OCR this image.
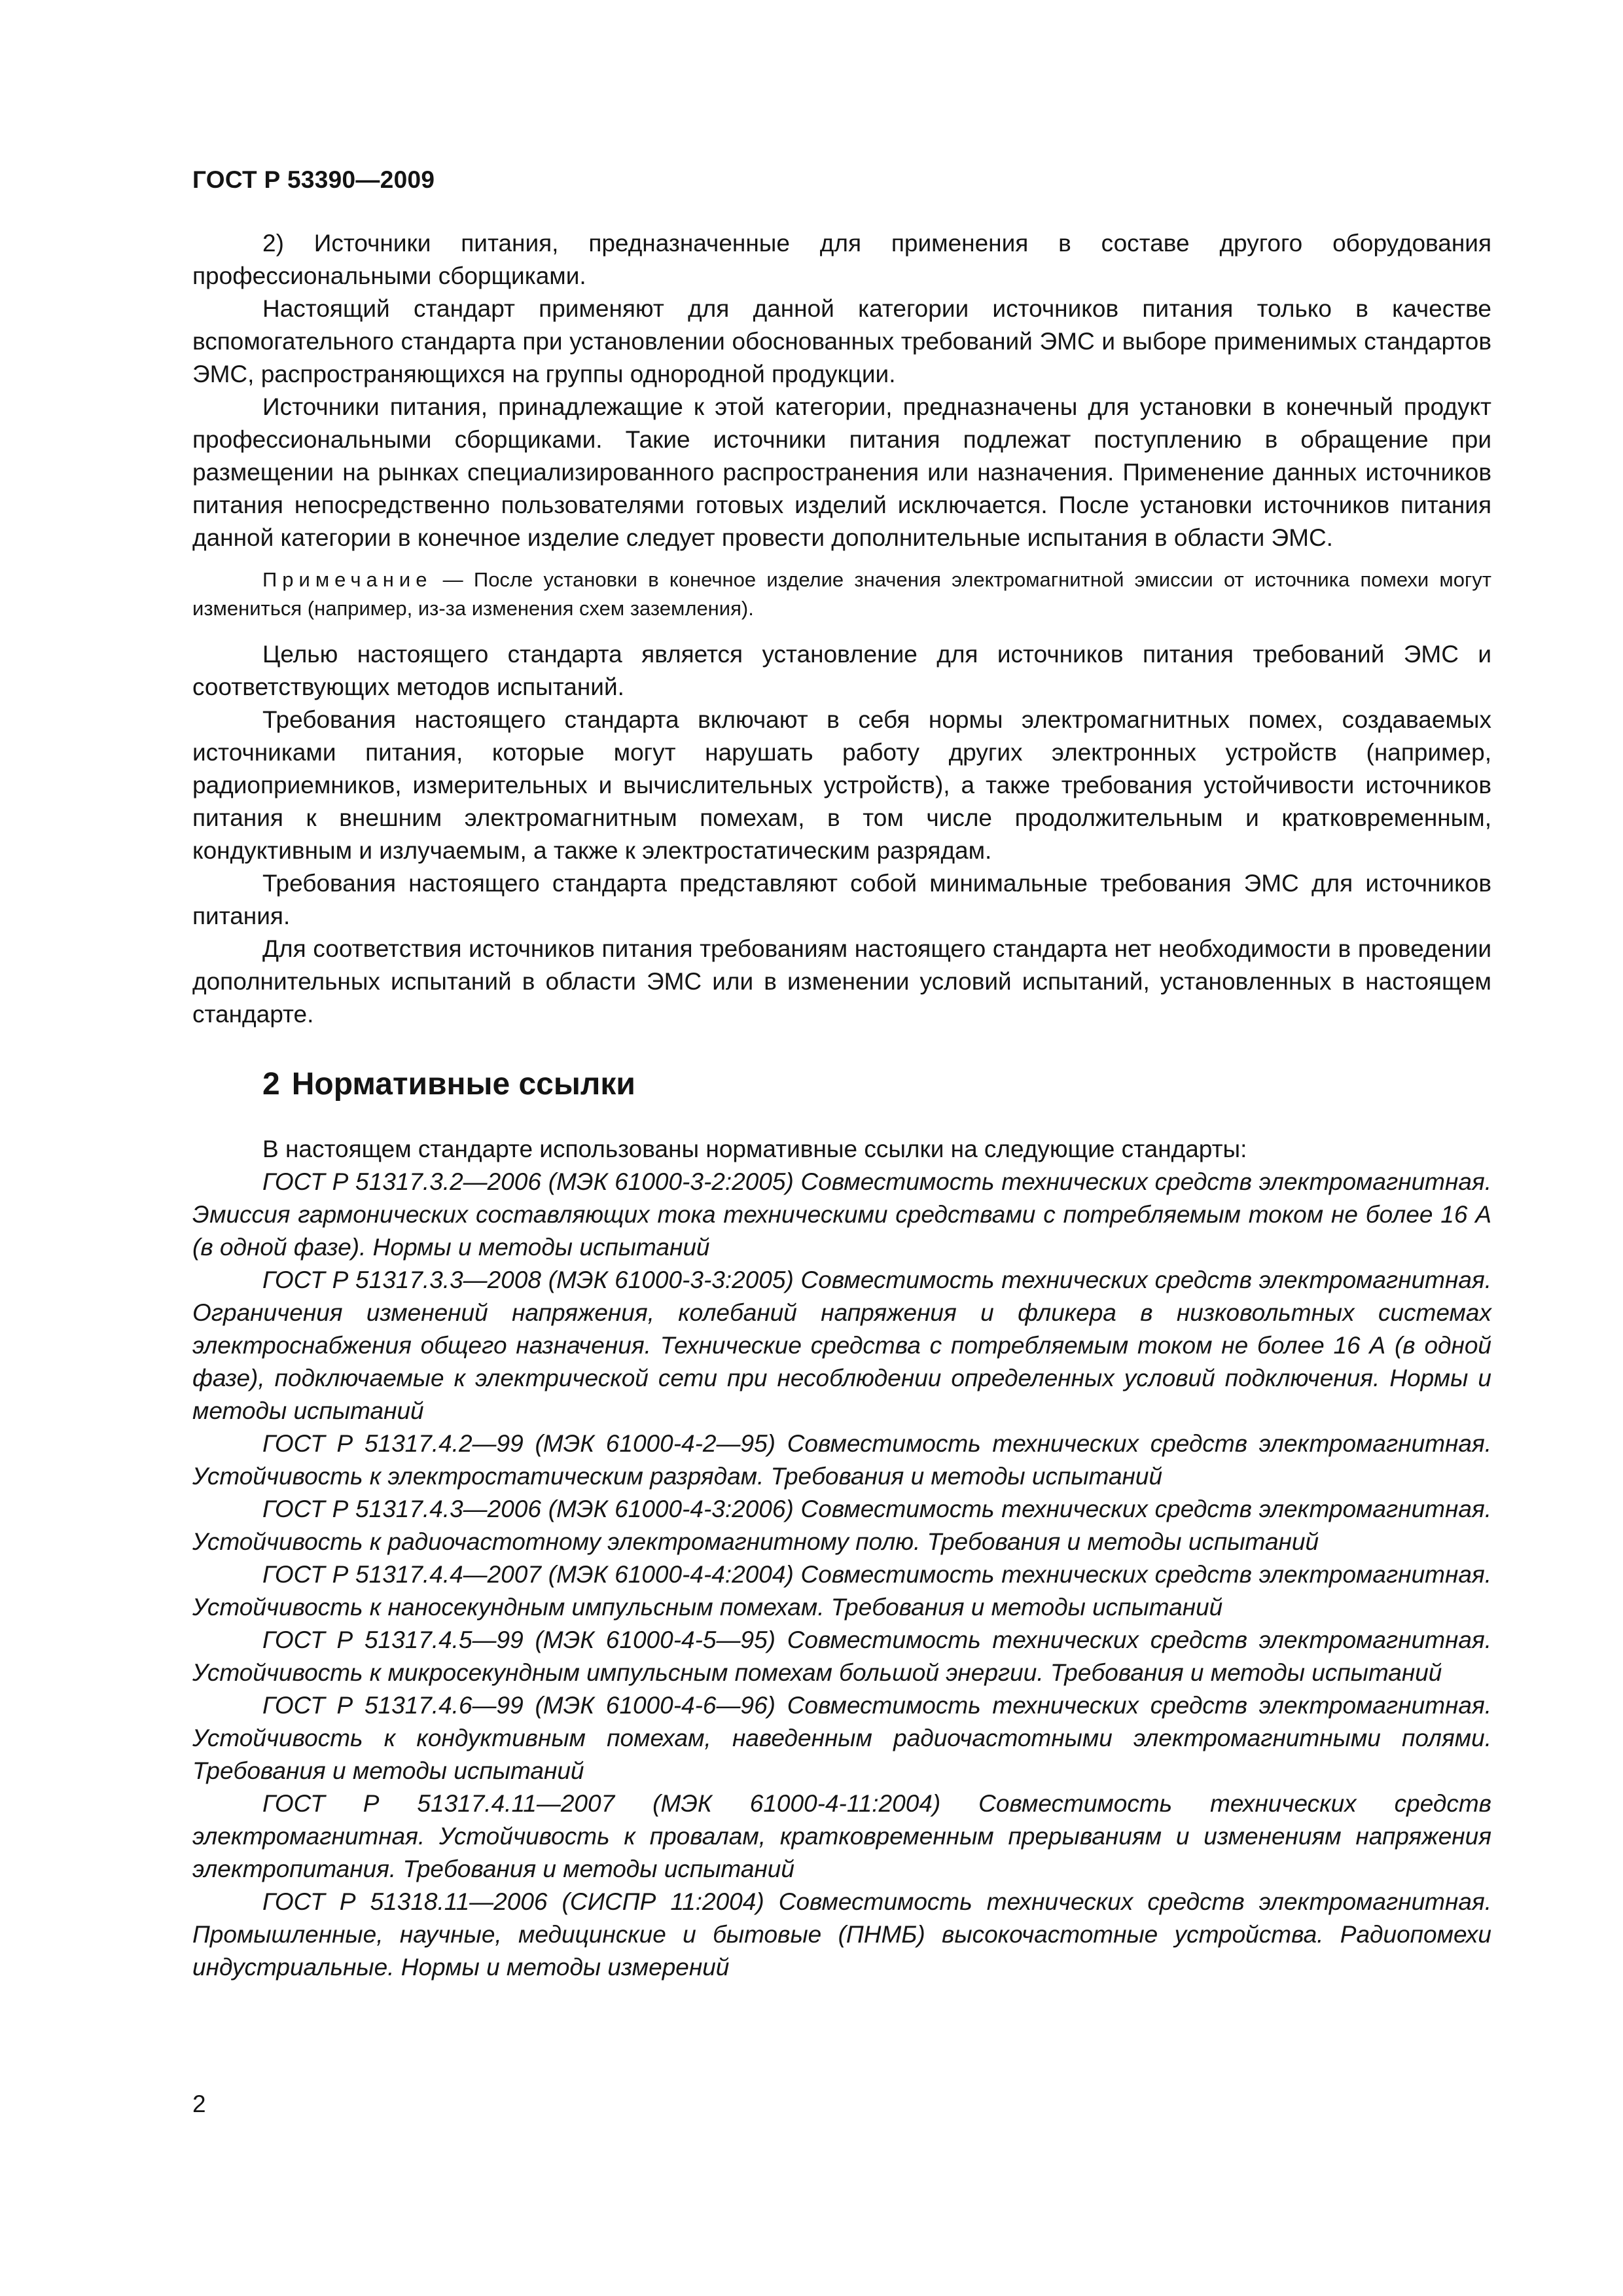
ГОСТ Р 53390—2009

2) Источники питания, предназначенные для применения в составе другого оборудования профессиональными сборщиками.

Настоящий стандарт применяют для данной категории источников питания только в качестве вспомогательного стандарта при установлении обоснованных требований ЭМС и выборе применимых стандартов ЭМС, распространяющихся на группы однородной продукции.

Источники питания, принадлежащие к этой категории, предназначены для установки в конечный продукт профессиональными сборщиками. Такие источники питания подлежат поступлению в обращение при размещении на рынках специализированного распространения или назначения. Применение данных источников питания непосредственно пользователями готовых изделий исключается. После установки источников питания данной категории в конечное изделие следует провести дополнительные испытания в области ЭМС.

Примечание — После установки в конечное изделие значения электромагнитной эмиссии от источника помехи могут измениться (например, из-за изменения схем заземления).

Целью настоящего стандарта является установление для источников питания требований ЭМС и соответствующих методов испытаний.

Требования настоящего стандарта включают в себя нормы электромагнитных помех, создаваемых источниками питания, которые могут нарушать работу других электронных устройств (например, радиоприемников, измерительных и вычислительных устройств), а также требования устойчивости источников питания к внешним электромагнитным помехам, в том числе продолжительным и кратковременным, кондуктивным и излучаемым, а также к электростатическим разрядам.

Требования настоящего стандарта представляют собой минимальные требования ЭМС для источников питания.

Для соответствия источников питания требованиям настоящего стандарта нет необходимости в проведении дополнительных испытаний в области ЭМС или в изменении условий испытаний, установленных в настоящем стандарте.

2 Нормативные ссылки

В настоящем стандарте использованы нормативные ссылки на следующие стандарты:

ГОСТ Р 51317.3.2—2006 (МЭК 61000-3-2:2005) Совместимость технических средств электромагнитная. Эмиссия гармонических составляющих тока техническими средствами с потребляемым током не более 16 А (в одной фазе). Нормы и методы испытаний

ГОСТ Р 51317.3.3—2008 (МЭК 61000-3-3:2005) Совместимость технических средств электромагнитная. Ограничения изменений напряжения, колебаний напряжения и фликера в низковольтных системах электроснабжения общего назначения. Технические средства с потребляемым током не более 16 А (в одной фазе), подключаемые к электрической сети при несоблюдении определенных условий подключения. Нормы и методы испытаний

ГОСТ Р 51317.4.2—99 (МЭК 61000-4-2—95) Совместимость технических средств электромагнитная. Устойчивость к электростатическим разрядам. Требования и методы испытаний

ГОСТ Р 51317.4.3—2006 (МЭК 61000-4-3:2006) Совместимость технических средств электромагнитная. Устойчивость к радиочастотному электромагнитному полю. Требования и методы испытаний

ГОСТ Р 51317.4.4—2007 (МЭК 61000-4-4:2004) Совместимость технических средств электромагнитная. Устойчивость к наносекундным импульсным помехам. Требования и методы испытаний

ГОСТ Р 51317.4.5—99 (МЭК 61000-4-5—95) Совместимость технических средств электромагнитная. Устойчивость к микросекундным импульсным помехам большой энергии. Требования и методы испытаний

ГОСТ Р 51317.4.6—99 (МЭК 61000-4-6—96) Совместимость технических средств электромагнитная. Устойчивость к кондуктивным помехам, наведенным радиочастотными электромагнитными полями. Требования и методы испытаний

ГОСТ Р 51317.4.11—2007 (МЭК 61000-4-11:2004) Совместимость технических средств электромагнитная. Устойчивость к провалам, кратковременным прерываниям и изменениям напряжения электропитания. Требования и методы испытаний

ГОСТ Р 51318.11—2006 (СИСПР 11:2004) Совместимость технических средств электромагнитная. Промышленные, научные, медицинские и бытовые (ПНМБ) высокочастотные устройства. Радиопомехи индустриальные. Нормы и методы измерений

2
